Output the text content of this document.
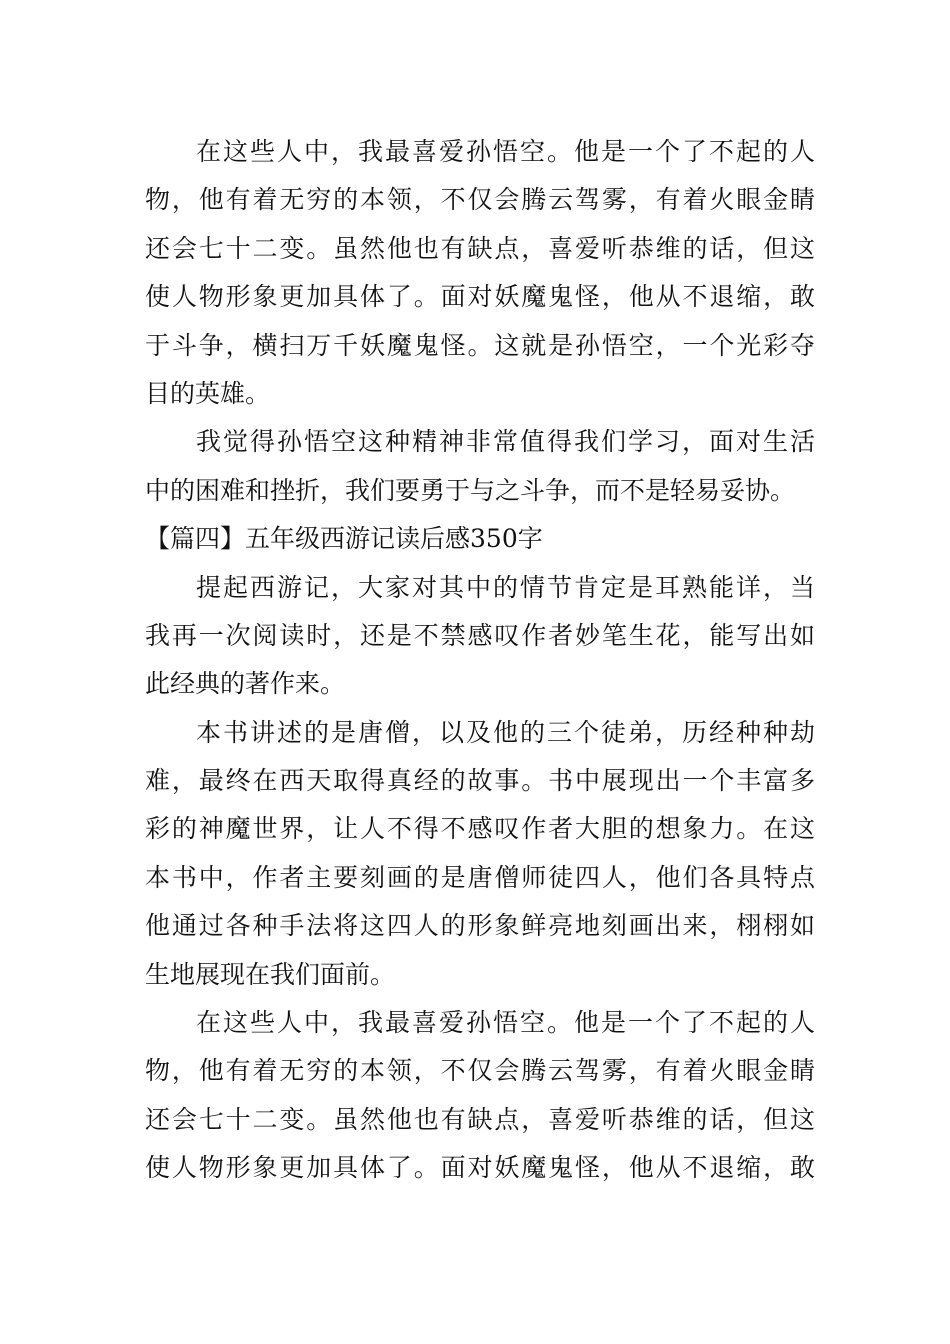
在这些人中，我最喜爱孙悟空。他是一个了不起的人
物，他有着无穷的本领，不仅会腾云驾雾，有着火眼金睛
还会七十二变。虽然他也有缺点，喜爱听恭维的话，但这
使人物形象更加具体了。面对妖魔鬼怪，他从不退缩，敢
于斗争，横扫万千妖魔鬼怪。这就是孙悟空，一个光彩夺
目的英雄。
我觉得孙悟空这种精神非常值得我们学习，面对生活
中的困难和挫折，我们要勇于与之斗争，而不是轻易妥协。
【篇四】五年级西游记读后感350字
提起西游记，大家对其中的情节肯定是耳熟能详，当
我再一次阅读时，还是不禁感叹作者妙笔生花，能写出如
此经典的著作来。
本书讲述的是唐僧，以及他的三个徒弟，历经种种劫
难，最终在西天取得真经的故事。书中展现出一个丰富多
彩的神魔世界，让人不得不感叹作者大胆的想象力。在这
本书中，作者主要刻画的是唐僧师徒四人，他们各具特点
他通过各种手法将这四人的形象鲜亮地刻画出来，栩栩如
生地展现在我们面前。
在这些人中，我最喜爱孙悟空。他是一个了不起的人
物，他有着无穷的本领，不仅会腾云驾雾，有着火眼金睛
还会七十二变。虽然他也有缺点，喜爱听恭维的话，但这
使人物形象更加具体了。面对妖魔鬼怪，他从不退缩，敢
